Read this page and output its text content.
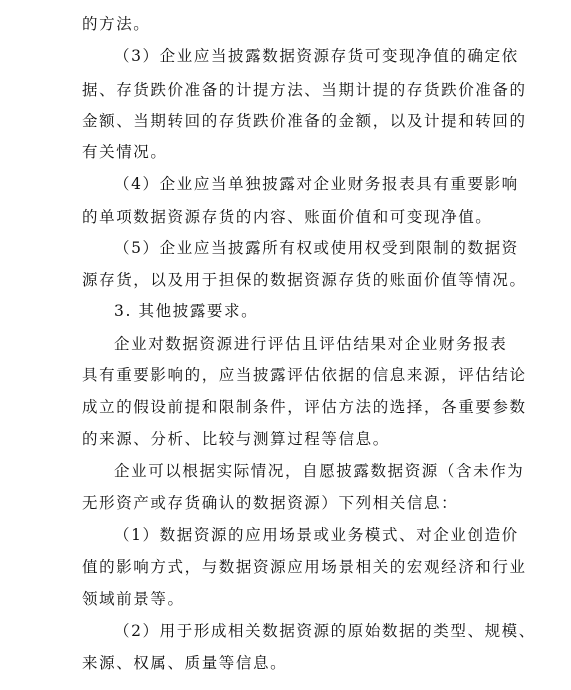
的方法。
（3）企业应当披露数据资源存货可变现净值的确定依
据、存货跌价准备的计提方法、当期计提的存货跌价准备的
金额、当期转回的存货跌价准备的金额，以及计提和转回的
有关情况。
（4）企业应当单独披露对企业财务报表具有重要影响
的单项数据资源存货的内容、账面价值和可变现净值。
（5）企业应当披露所有权或使用权受到限制的数据资
源存货，以及用于担保的数据资源存货的账面价值等情况。
3. 其他披露要求。
企业对数据资源进行评估且评估结果对企业财务报表
具有重要影响的，应当披露评估依据的信息来源，评估结论
成立的假设前提和限制条件，评估方法的选择，各重要参数
的来源、分析、比较与测算过程等信息。
企业可以根据实际情况，自愿披露数据资源（含未作为
无形资产或存货确认的数据资源）下列相关信息：
（1）数据资源的应用场景或业务模式、对企业创造价
值的影响方式，与数据资源应用场景相关的宏观经济和行业
领域前景等。
（2）用于形成相关数据资源的原始数据的类型、规模、
来源、权属、质量等信息。
